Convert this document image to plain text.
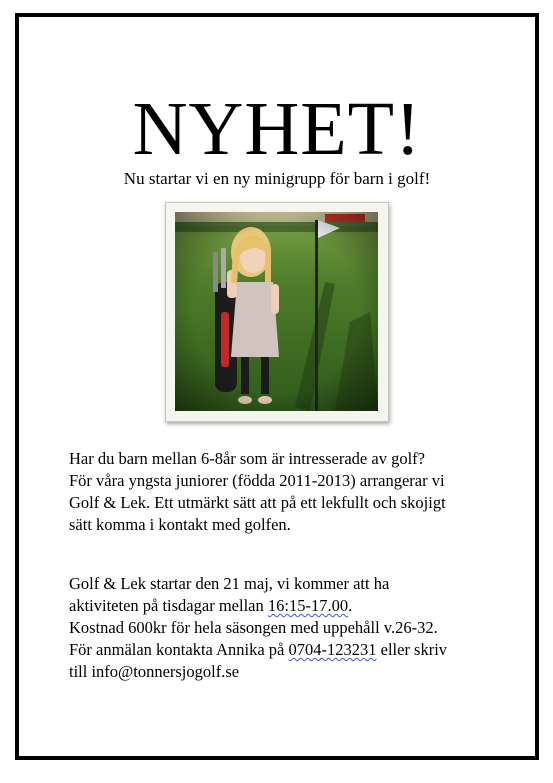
NYHET!
Nu startar vi en ny minigrupp för barn i golf!

Har du barn mellan 6-8år som är intresserade av golf?

För våra yngsta juniorer (födda 2011-2013) arrangerar vi

Golf & Lek. Ett utmärkt sätt att på ett lekfullt och skojigt

sätt komma i kontakt med golfen.

Golf & Lek startar den 21 maj, vi kommer att ha

aktiviteten på tisdagar mellan 16:15-17.00.

Kostnad 600kr för hela säsongen med uppehåll v.26-32.

För anmälan kontakta Annika på 0704-123231 eller skriv

till info@tonnersjogolf.se
